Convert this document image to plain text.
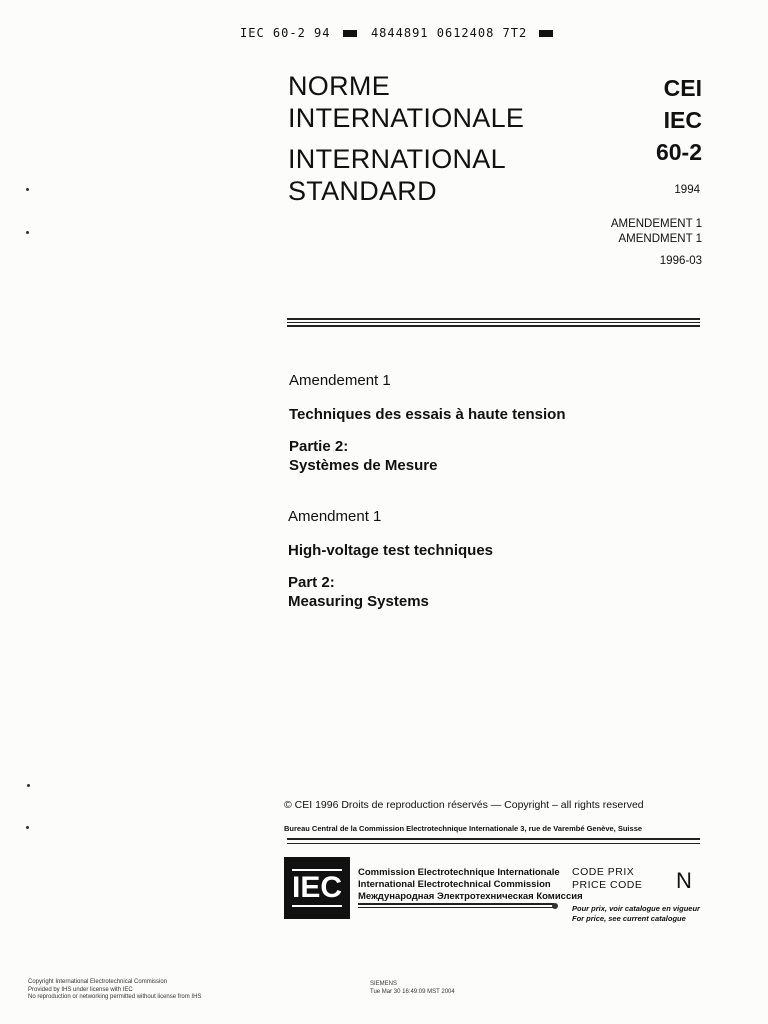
IEC 60-2 94	4844891 0612408 7T2
NORME
INTERNATIONALE
INTERNATIONAL
STANDARD
CEI
IEC
60-2
1994
AMENDEMENT 1
AMENDMENT 1
1996-03
Amendement 1
Techniques des essais à haute tension
Partie 2:
Systèmes de Mesure
Amendment 1
High-voltage test techniques
Part 2:
Measuring Systems
© CEI 1996 Droits de reproduction réservés — Copyright – all rights reserved
Bureau Central de la Commission Electrotechnique Internationale 3, rue de Varembé Genève, Suisse
IEC Commission Electrotechnique Internationale
International Electrotechnical Commission
Международная Электротехническая Комиссия
CODE PRIX
PRICE CODE N
Pour prix, voir catalogue en vigueur
For price, see current catalogue
Copyright International Electrotechnical Commission
Provided by IHS under license with IEC
No reproduction or networking permitted without license from IHS
SIEMENS
Tue Mar 30 16:49:09 MST 2004
